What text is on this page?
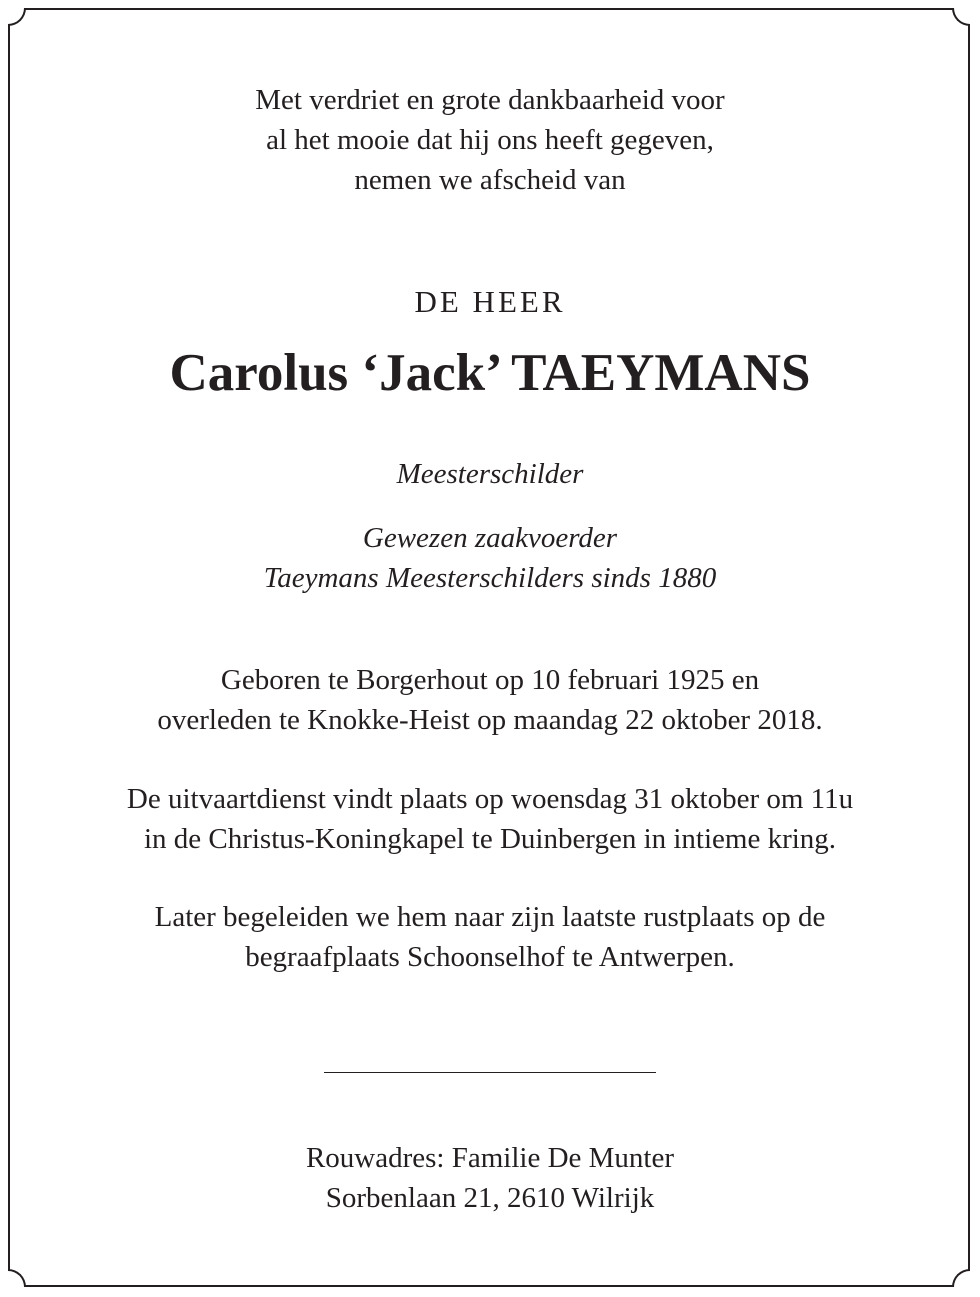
Met verdriet en grote dankbaarheid voor
al het mooie dat hij ons heeft gegeven,
nemen we afscheid van
DE HEER
Carolus ‘Jack’ TAEYMANS
Meesterschilder
Gewezen zaakvoerder
Taeymans Meesterschilders sinds 1880
Geboren te Borgerhout op 10 februari 1925 en
overleden te Knokke-Heist op maandag 22 oktober 2018.
De uitvaartdienst vindt plaats op woensdag 31 oktober om 11u
in de Christus-Koningkapel te Duinbergen in intieme kring.
Later begeleiden we hem naar zijn laatste rustplaats op de
begraafplaats Schoonselhof te Antwerpen.
Rouwadres: Familie De Munter
Sorbenlaan 21, 2610 Wilrijk
